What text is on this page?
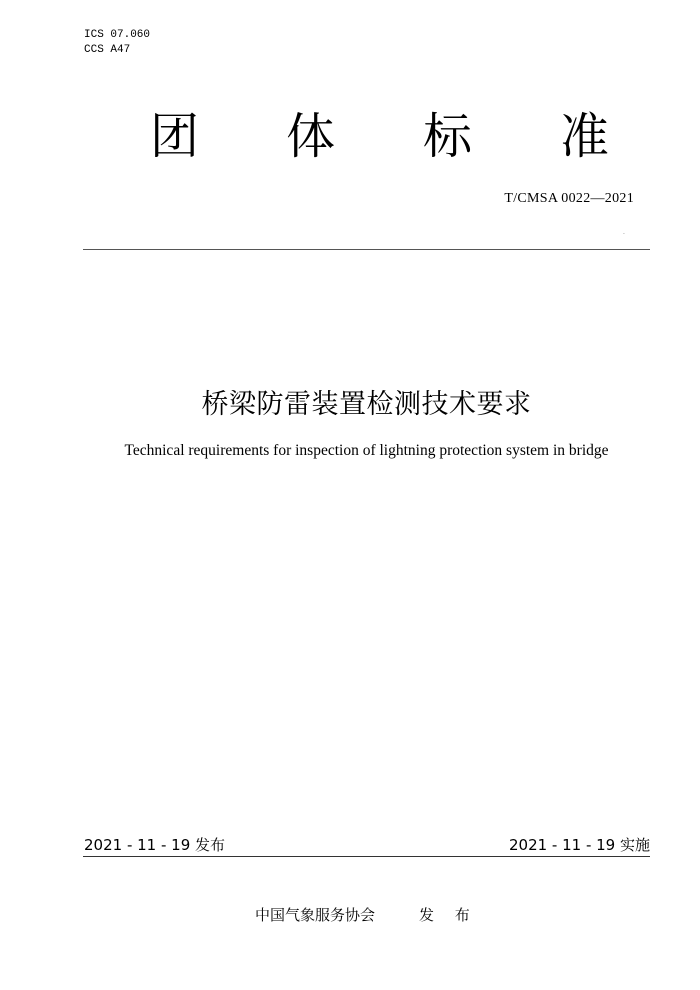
ICS 07.060
CCS A47
团 体 标 准
T/CMSA 0022—2021
·
桥梁防雷装置检测技术要求
Technical requirements for inspection of lightning protection system in bridge
2021 - 11 - 19 发布	2021 - 11 - 19 实施
中国气象服务协会	发 布
